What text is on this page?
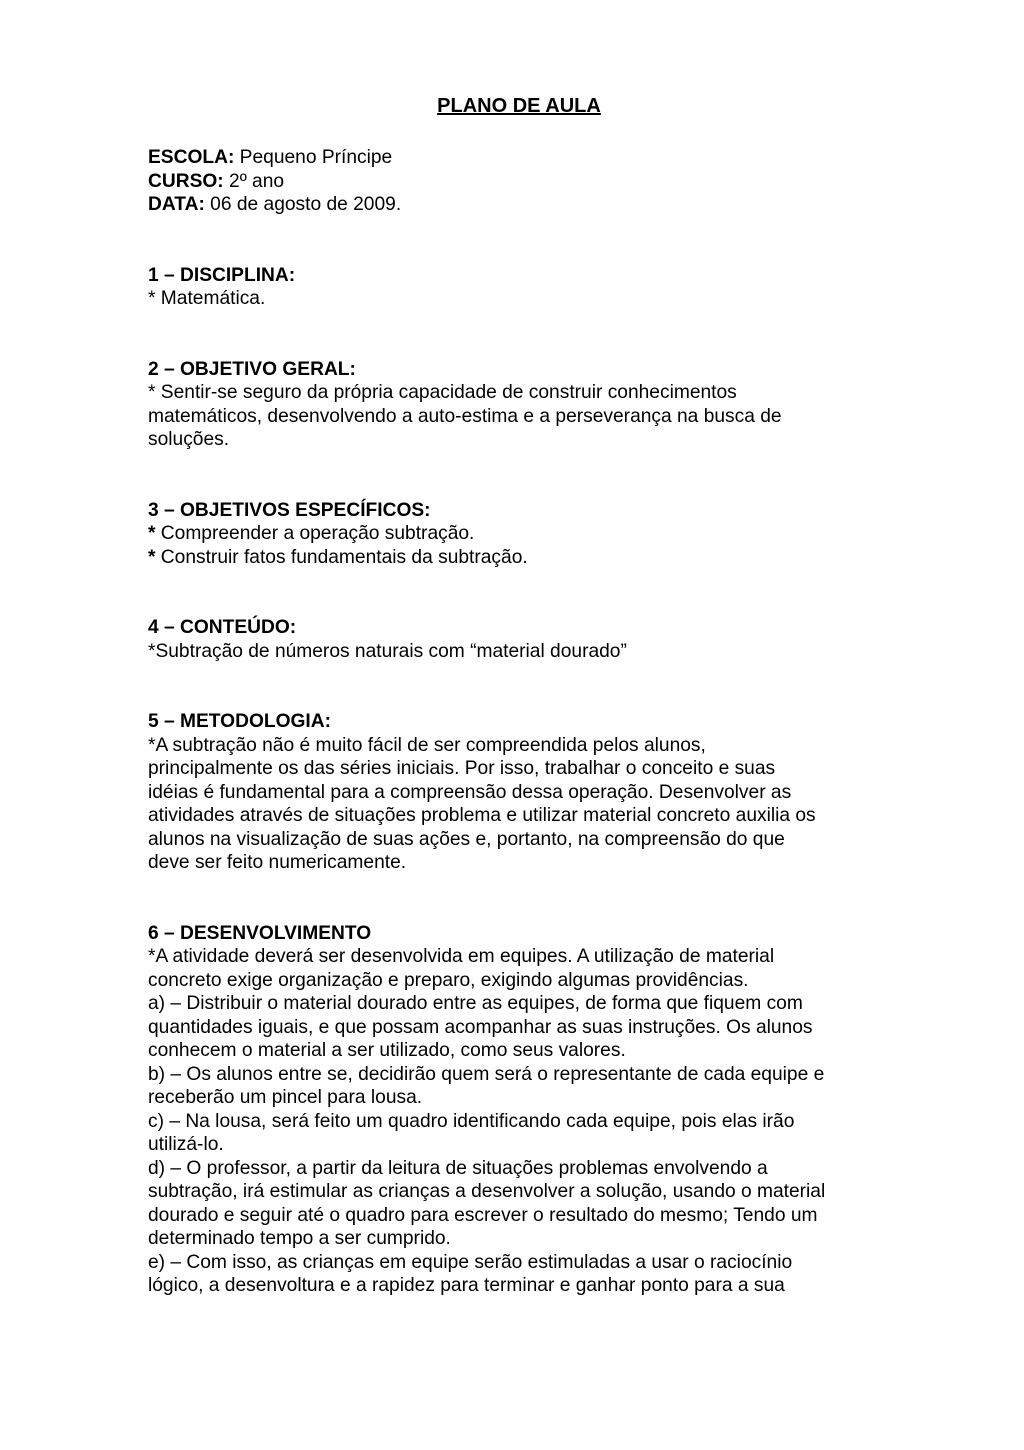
PLANO DE AULA
ESCOLA: Pequeno Príncipe
CURSO: 2º ano
DATA: 06 de agosto de 2009.
1 – DISCIPLINA:
* Matemática.
2 – OBJETIVO GERAL:
* Sentir-se seguro da própria capacidade de construir conhecimentos
matemáticos, desenvolvendo a auto-estima e a perseverança na busca de
soluções.
3 – OBJETIVOS ESPECÍFICOS:
* Compreender a operação subtração.
* Construir fatos fundamentais da subtração.
4 – CONTEÚDO:
*Subtração de números naturais com “material dourado”
5 – METODOLOGIA:
*A subtração não é muito fácil de ser compreendida pelos alunos,
principalmente os das séries iniciais. Por isso, trabalhar o conceito e suas
idéias é fundamental para a compreensão dessa operação. Desenvolver as
atividades através de situações problema e utilizar material concreto auxilia os
alunos na visualização de suas ações e, portanto, na compreensão do que
deve ser feito numericamente.
6 – DESENVOLVIMENTO
*A atividade deverá ser desenvolvida em equipes. A utilização de material
concreto exige organização e preparo, exigindo algumas providências.
a) – Distribuir o material dourado entre as equipes, de forma que fiquem com
quantidades iguais, e que possam acompanhar as suas instruções. Os alunos
conhecem o material a ser utilizado, como seus valores.
b) – Os alunos entre se, decidirão quem será o representante de cada equipe e
receberão um pincel para lousa.
c) – Na lousa, será feito um quadro identificando cada equipe, pois elas irão
utilizá-lo.
d) – O professor, a partir da leitura de situações problemas envolvendo a
subtração, irá estimular as crianças a desenvolver a solução, usando o material
dourado e seguir até o quadro para escrever o resultado do mesmo; Tendo um
determinado tempo a ser cumprido.
e) – Com isso, as crianças em equipe serão estimuladas a usar o raciocínio
lógico, a desenvoltura e a rapidez para terminar e ganhar ponto para a sua
